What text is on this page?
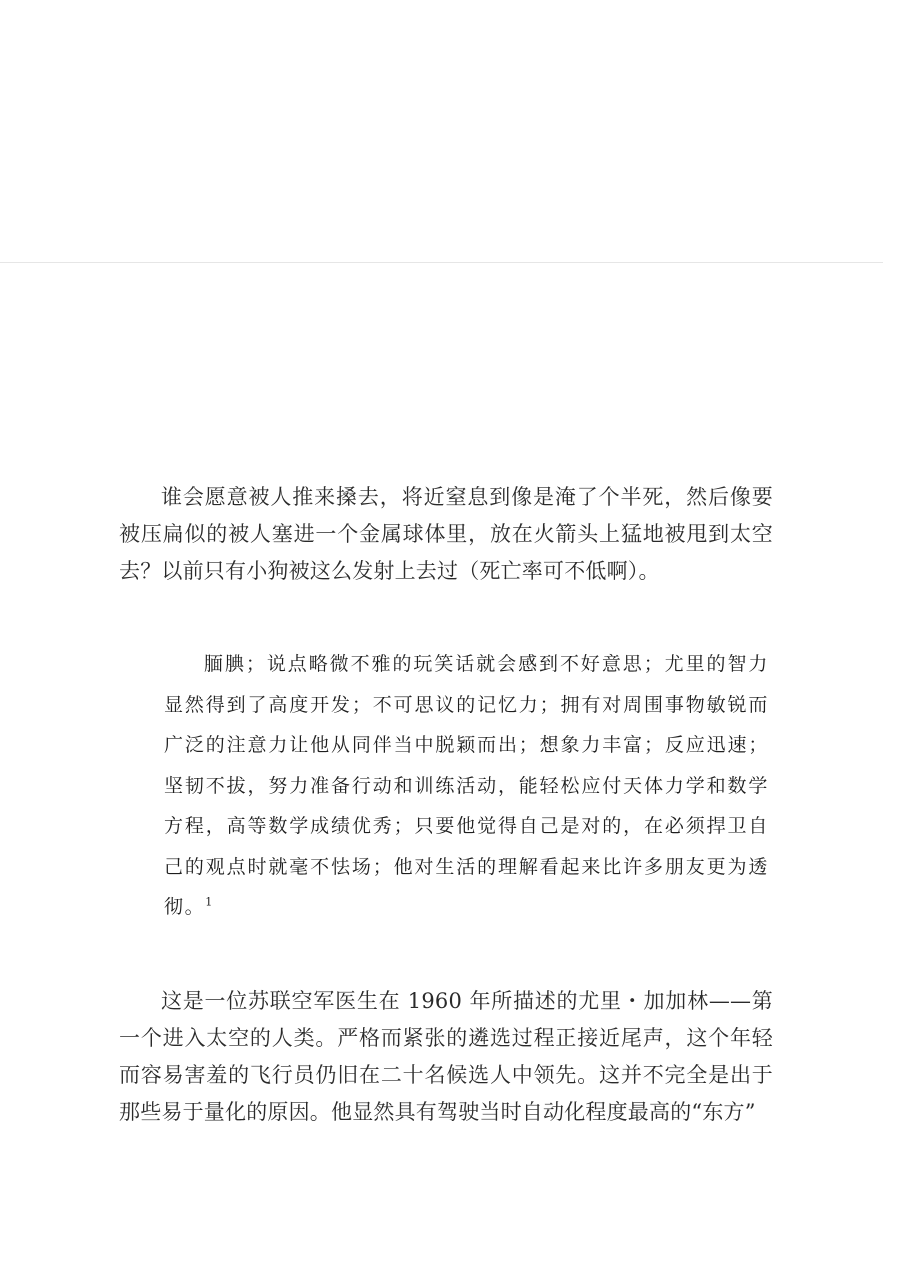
谁会愿意被人推来搡去，将近窒息到像是淹了个半死，然后像要被压扁似的被人塞进一个金属球体里，放在火箭头上猛地被甩到太空去？以前只有小狗被这么发射上去过（死亡率可不低啊）。

腼腆；说点略微不雅的玩笑话就会感到不好意思；尤里的智力显然得到了高度开发；不可思议的记忆力；拥有对周围事物敏锐而广泛的注意力让他从同伴当中脱颖而出；想象力丰富；反应迅速；坚韧不拔，努力准备行动和训练活动，能轻松应付天体力学和数学方程，高等数学成绩优秀；只要他觉得自己是对的，在必须捍卫自己的观点时就毫不怯场；他对生活的理解看起来比许多朋友更为透彻。$^1$

这是一位苏联空军医生在 1960 年所描述的尤里・加加林——第一个进入太空的人类。严格而紧张的遴选过程正接近尾声，这个年轻而容易害羞的飞行员仍旧在二十名候选人中领先。这并不完全是出于那些易于量化的原因。他显然具有驾驶当时自动化程度最高的“东方”
